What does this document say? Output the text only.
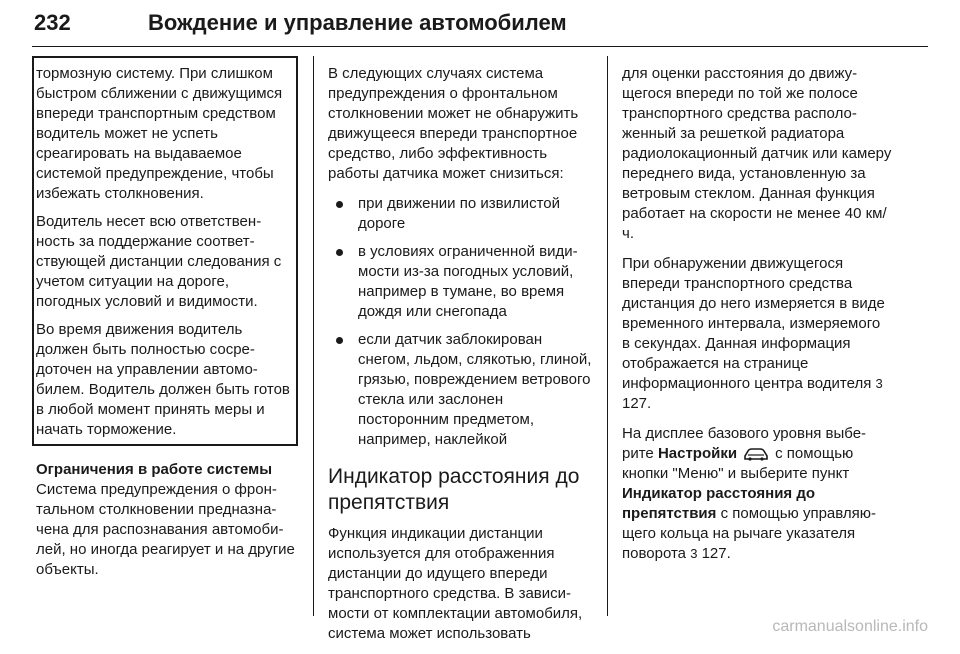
232	Вождение и управление автомобилем

тормозную систему. При слишком быстром сближении с движущимся впереди транспортным средством водитель может не успеть среагировать на выдаваемое системой предупреждение, чтобы избежать столкновения.

Водитель несет всю ответственность за поддержание соответствующей дистанции следования с учетом ситуации на дороге, погодных условий и видимости.

Во время движения водитель должен быть полностью сосредоточен на управлении автомобилем. Водитель должен быть готов в любой момент принять меры и начать торможение.

Ограничения в работе системы
Система предупреждения о фронтальном столкновении предназначена для распознавания автомобилей, но иногда реагирует и на другие объекты.

В следующих случаях система предупреждения о фронтальном столкновении может не обнаружить движущееся впереди транспортное средство, либо эффективность работы датчика может снизиться:

при движении по извилистой дороге
в условиях ограниченной видимости из-за погодных условий, например в тумане, во время дождя или снегопада
если датчик заблокирован снегом, льдом, слякотью, глиной, грязью, повреждением ветрового стекла или заслонен посторонним предметом, например, наклейкой
Индикатор расстояния до препятствия

Функция индикации дистанции используется для отображенния дистанции до идущего впереди транспортного средства. В зависимости от комплектации автомобиля, система может использовать

для оценки расстояния до движущегося впереди по той же полосе транспортного средства расположенный за решеткой радиатора радиолокационный датчик или камеру переднего вида, установленную за ветровым стеклом. Данная функция работает на скорости не менее 40 км/ч.

При обнаружении движущегося впереди транспортного средства дистанция до него измеряется в виде временного интервала, измеряемого в секундах. Данная информация отображается на странице информационного центра водителя 3 127.

На дисплее базового уровня выберите Настройки	с помощью кнопки "Меню" и выберите пункт Индикатор расстояния до препятствия с помощью управляющего кольца на рычаге указателя поворота 3 127.

carmanualsonline.info
